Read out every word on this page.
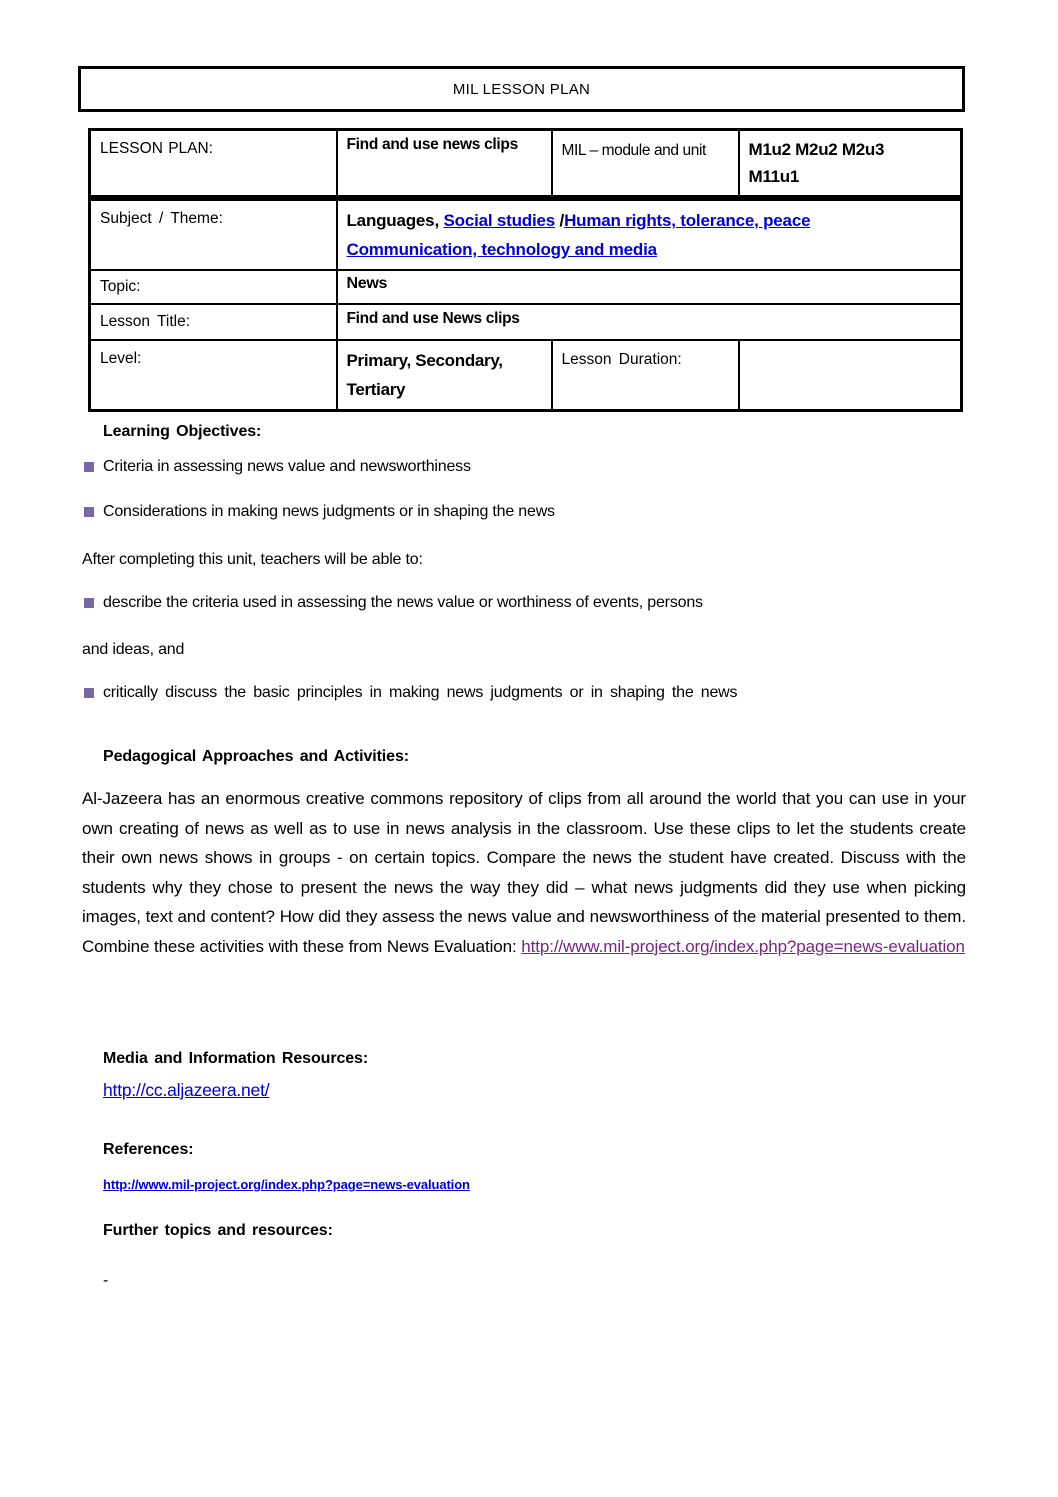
MIL LESSON PLAN
LESSON PLAN:	Find and use news clips	MIL – module and unit	M1u2 M2u2 M2u3
M11u1
Subject / Theme:	Languages, Social studies /Human rights, tolerance, peace
Communication, technology and media		
Topic:	News		
Lesson Title:	Find and use News clips		
Level:	Primary, Secondary, Tertiary	Lesson Duration:	
Learning Objectives:
Criteria in assessing news value and newsworthiness
Considerations in making news judgments or in shaping the news
After completing this unit, teachers will be able to:
describe the criteria used in assessing the news value or worthiness of events, persons
and ideas, and
critically discuss the basic principles in making news judgments or in shaping the news
Pedagogical Approaches and Activities:

Al-Jazeera has an enormous creative commons repository of clips from all around the world that you can use in your own creating of news as well as to use in news analysis in the classroom. Use these clips to let the students create their own news shows in groups - on certain topics. Compare the news the student have created. Discuss with the students why they chose to present the news the way they did – what news judgments did they use when picking images, text and content? How did they assess the news value and newsworthiness of the material presented to them. Combine these activities with these from News Evaluation: http://www.mil-project.org/index.php?page=news-evaluation

Media and Information Resources:
http://cc.aljazeera.net/
References:
http://www.mil-project.org/index.php?page=news-evaluation
Further topics and resources:
-
